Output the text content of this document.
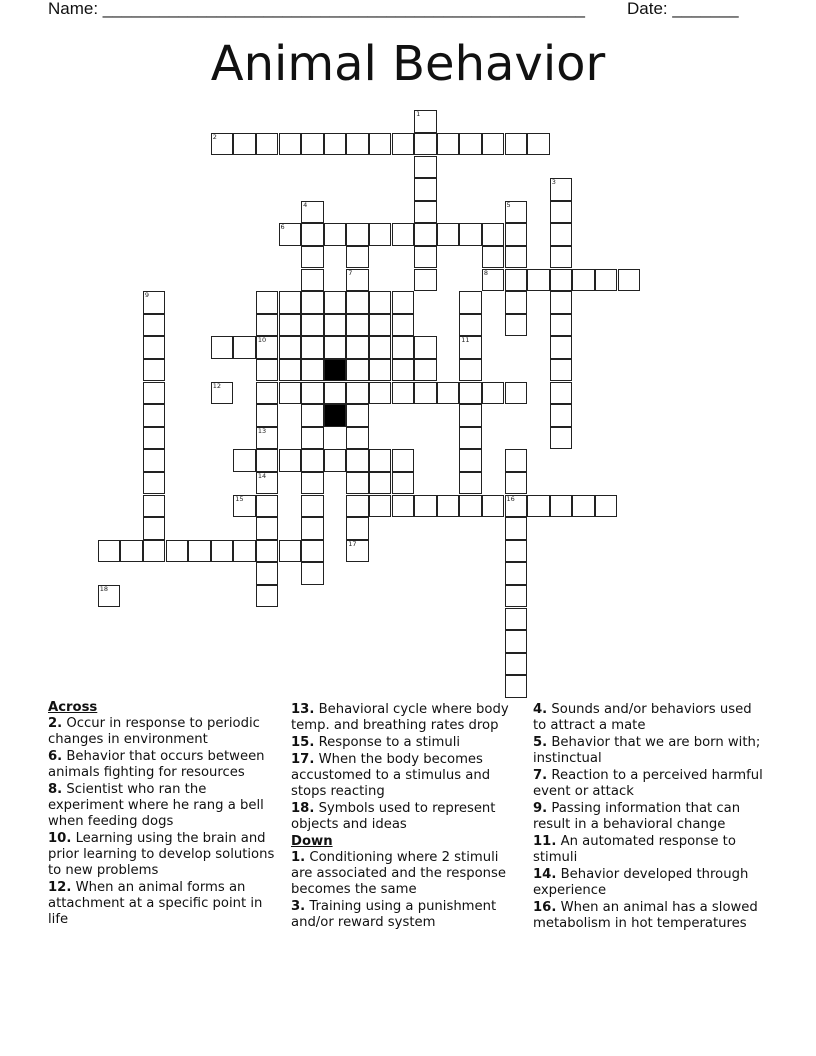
Name: ___________________________________________________ Date: _______
Animal Behavior
6
8
10
16
1
3
4	5
7
9
13
14
11
2
12
15
17
18

Across

2. Occur in response to periodic changes in environment

6. Behavior that occurs between animals fighting for resources

8. Scientist who ran the experiment where he rang a bell when feeding dogs

10. Learning using the brain and prior learning to develop solutions to new problems

12. When an animal forms an attachment at a specific point in life

13. Behavioral cycle where body temp. and breathing rates drop

15. Response to a stimuli

17. When the body becomes accustomed to a stimulus and stops reacting

18. Symbols used to represent objects and ideas

Down

1. Conditioning where 2 stimuli are associated and the response becomes the same

3. Training using a punishment and/or reward system

4. Sounds and/or behaviors used to attract a mate

5. Behavior that we are born with; instinctual

7. Reaction to a perceived harmful event or attack

9. Passing information that can result in a behavioral change

11. An automated response to stimuli

14. Behavior developed through experience

16. When an animal has a slowed metabolism in hot temperatures
